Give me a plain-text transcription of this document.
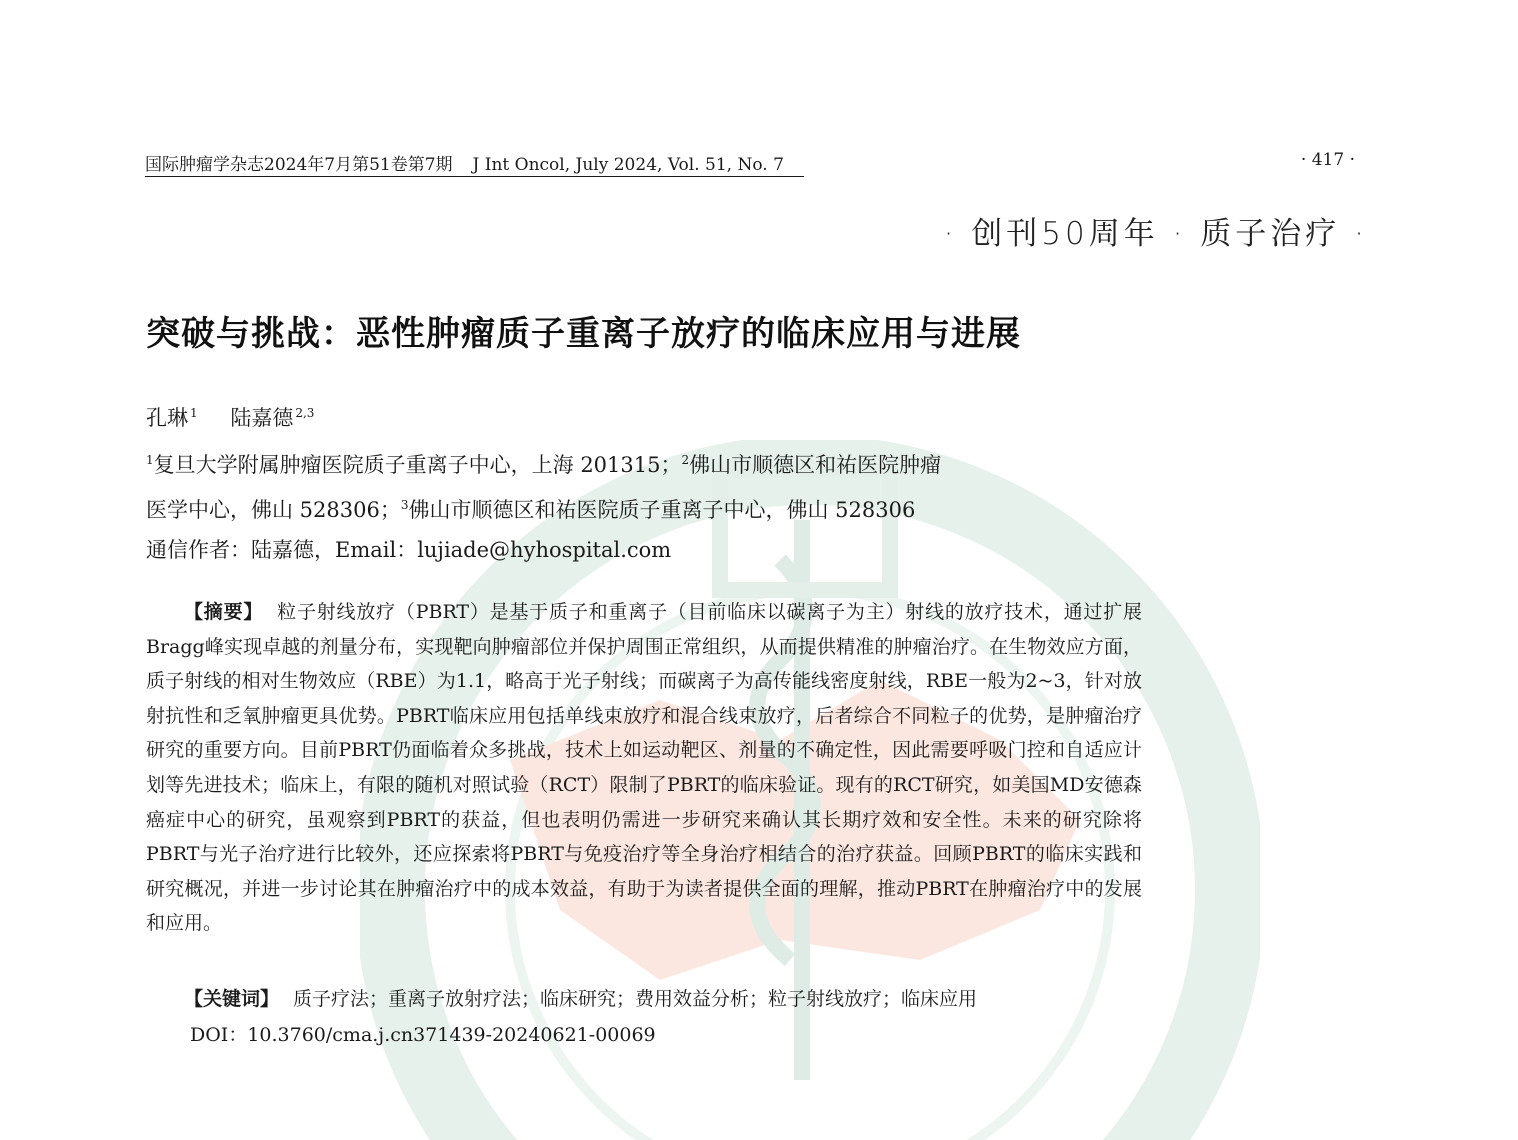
国际肿瘤学杂志2024年7月第51卷第7期 J Int Oncol, July 2024, Vol. 51, No. 7	· 417 ·
· 创刊50周年 · 质子治疗 ·
突破与挑战：恶性肿瘤质子重离子放疗的临床应用与进展
孔琳 $^1$ 陆嘉德 $^{2,3}$

$^1$复旦大学附属肿瘤医院质子重离子中心，上海 201315；$^2$佛山市顺德区和祐医院肿瘤

医学中心，佛山 528306；$^3$佛山市顺德区和祐医院质子重离子中心，佛山 528306

通信作者：陆嘉德，Email：lujiade@hyhospital.com

【摘要】 粒子射线放疗（PBRT）是基于质子和重离子（目前临床以碳离子为主）射线的放疗技术，通过扩展Bragg峰实现卓越的剂量分布，实现靶向肿瘤部位并保护周围正常组织，从而提供精准的肿瘤治疗。在生物效应方面，质子射线的相对生物效应（RBE）为1.1，略高于光子射线；而碳离子为高传能线密度射线，RBE一般为2~3，针对放射抗性和乏氧肿瘤更具优势。PBRT临床应用包括单线束放疗和混合线束放疗，后者综合不同粒子的优势，是肿瘤治疗研究的重要方向。目前PBRT仍面临着众多挑战，技术上如运动靶区、剂量的不确定性，因此需要呼吸门控和自适应计划等先进技术；临床上，有限的随机对照试验（RCT）限制了PBRT的临床验证。现有的RCT研究，如美国MD安德森癌症中心的研究，虽观察到PBRT的获益，但也表明仍需进一步研究来确认其长期疗效和安全性。未来的研究除将PBRT与光子治疗进行比较外，还应探索将PBRT与免疫治疗等全身治疗相结合的治疗获益。回顾PBRT的临床实践和研究概况，并进一步讨论其在肿瘤治疗中的成本效益，有助于为读者提供全面的理解，推动PBRT在肿瘤治疗中的发展和应用。

【关键词】 质子疗法；重离子放射疗法；临床研究；费用效益分析；粒子射线放疗；临床应用
DOI：10.3760/cma.j.cn371439-20240621-00069
